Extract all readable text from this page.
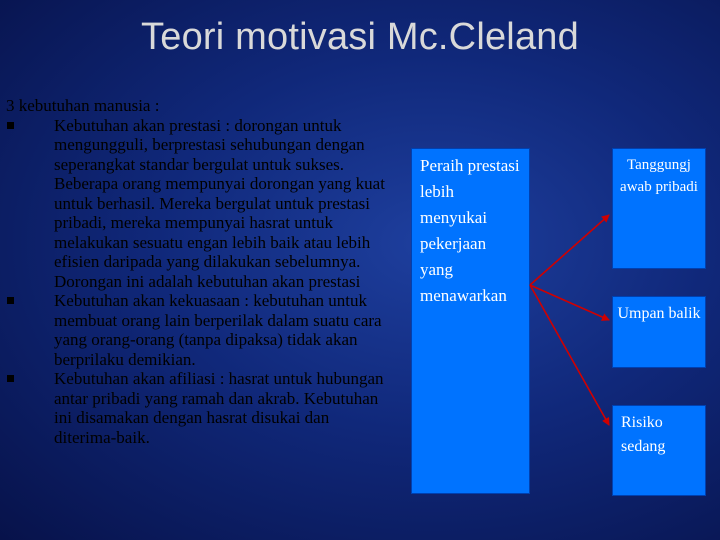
Teori motivasi Mc.Cleland

3 kebutuhan manusia :

Kebutuhan akan prestasi : dorongan untuk mengungguli, berprestasi sehubungan dengan seperangkat standar bergulat untuk sukses. Beberapa orang mempunyai dorongan yang kuat untuk berhasil. Mereka bergulat untuk prestasi pribadi, mereka mempunyai hasrat untuk melakukan sesuatu engan lebih baik atau lebih efisien daripada yang dilakukan sebelumnya. Dorongan ini adalah kebutuhan akan prestasi

Kebutuhan akan kekuasaan : kebutuhan untuk membuat orang lain berperilak dalam suatu cara yang orang-orang (tanpa dipaksa) tidak akan berprilaku demikian.

Kebutuhan akan afiliasi : hasrat untuk hubungan antar pribadi yang ramah dan akrab. Kebutuhan ini disamakan dengan hasrat disukai dan diterima-baik.

Peraih prestasi lebih menyukai pekerjaan yang menawarkan
Tanggungj awab pribadi
Umpan balik
Risiko sedang
